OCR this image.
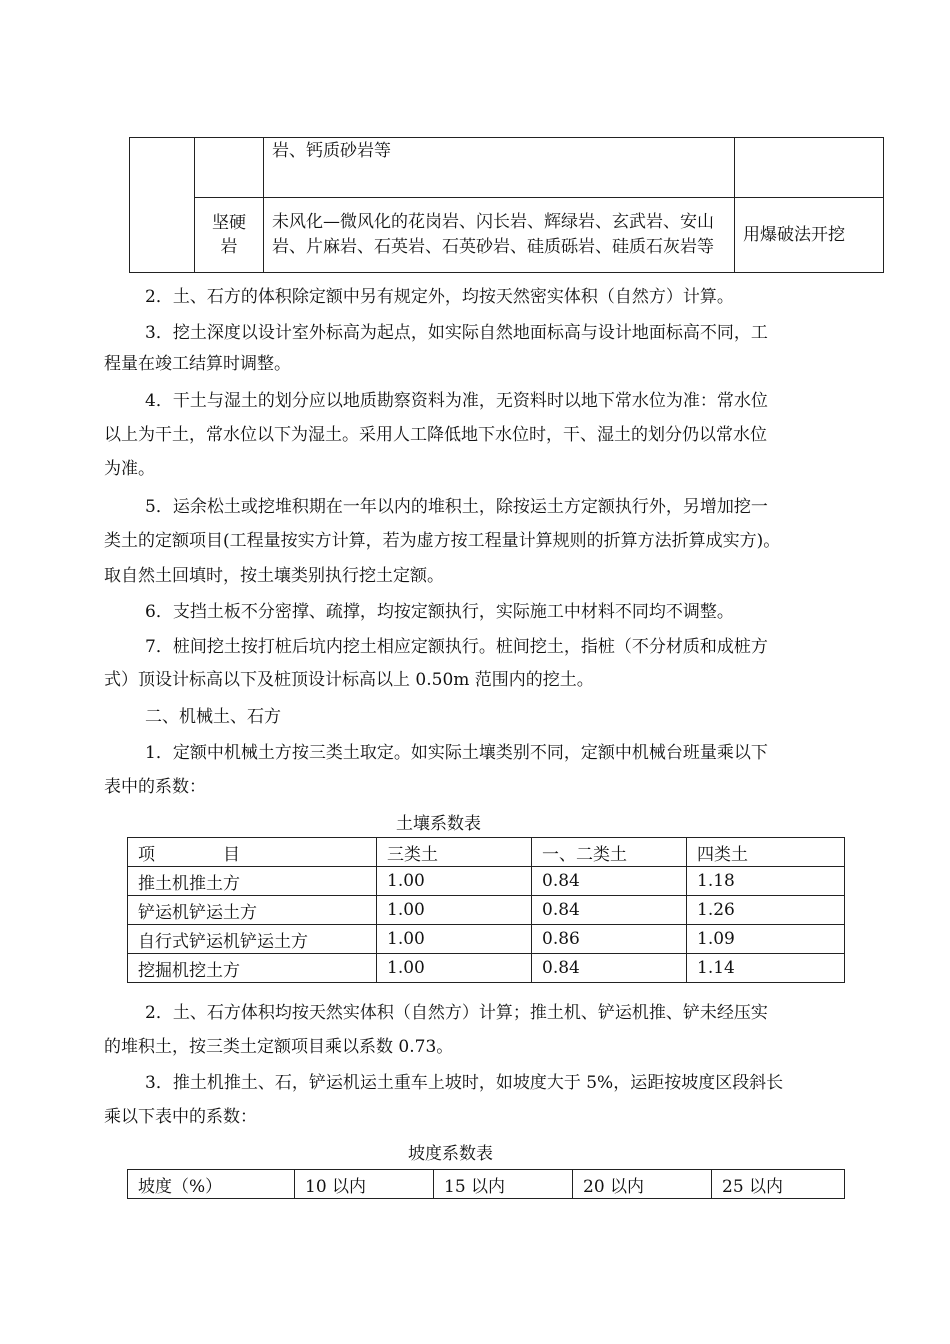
		岩、钙质砂岩等	

	坚硬岩	未风化—微风化的花岗岩、闪长岩、辉绿岩、玄武岩、安山岩、片麻岩、石英岩、石英砂岩、硅质砾岩、硅质石灰岩等	用爆破法开挖
2．土、石方的体积除定额中另有规定外，均按天然密实体积（自然方）计算。
3．挖土深度以设计室外标高为起点，如实际自然地面标高与设计地面标高不同，工
程量在竣工结算时调整。
4．干土与湿土的划分应以地质勘察资料为准，无资料时以地下常水位为准：常水位
以上为干土，常水位以下为湿土。采用人工降低地下水位时，干、湿土的划分仍以常水位
为准。
5．运余松土或挖堆积期在一年以内的堆积土，除按运土方定额执行外，另增加挖一
类土的定额项目(工程量按实方计算，若为虚方按工程量计算规则的折算方法折算成实方)。
取自然土回填时，按土壤类别执行挖土定额。
6．支挡土板不分密撑、疏撑，均按定额执行，实际施工中材料不同均不调整。
7．桩间挖土按打桩后坑内挖土相应定额执行。桩间挖土，指桩（不分材质和成桩方
式）顶设计标高以下及桩顶设计标高以上 0.50m 范围内的挖土。
二、机械土、石方
1．定额中机械土方按三类土取定。如实际土壤类别不同，定额中机械台班量乘以下
表中的系数：
土壤系数表
项　　　　目	三类土	一、二类土	四类土
推土机推土方	1.00	0.84	1.18
铲运机铲运土方	1.00	0.84	1.26
自行式铲运机铲运土方	1.00	0.86	1.09
挖掘机挖土方	1.00	0.84	1.14
2．土、石方体积均按天然实体积（自然方）计算；推土机、铲运机推、铲未经压实
的堆积土，按三类土定额项目乘以系数 0.73。
3．推土机推土、石，铲运机运土重车上坡时，如坡度大于 5%，运距按坡度区段斜长
乘以下表中的系数：
坡度系数表
坡度（%）	10 以内	15 以内	20 以内	25 以内
